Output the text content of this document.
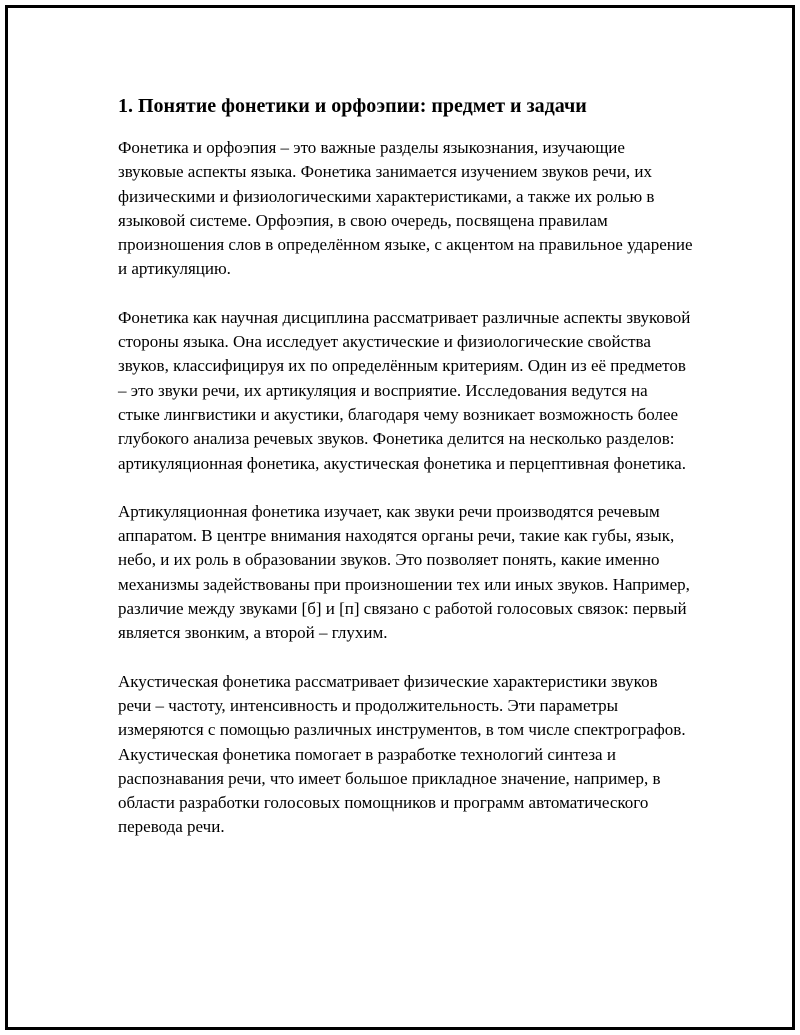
1. Понятие фонетики и орфоэпии: предмет и задачи

Фонетика и орфоэпия – это важные разделы языкознания, изучающие звуковые аспекты языка. Фонетика занимается изучением звуков речи, их физическими и физиологическими характеристиками, а также их ролью в языковой системе. Орфоэпия, в свою очередь, посвящена правилам произношения слов в определённом языке, с акцентом на правильное ударение и артикуляцию.

Фонетика как научная дисциплина рассматривает различные аспекты звуковой стороны языка. Она исследует акустические и физиологические свойства звуков, классифицируя их по определённым критериям. Один из её предметов – это звуки речи, их артикуляция и восприятие. Исследования ведутся на стыке лингвистики и акустики, благодаря чему возникает возможность более глубокого анализа речевых звуков. Фонетика делится на несколько разделов: артикуляционная фонетика, акустическая фонетика и перцептивная фонетика.

Артикуляционная фонетика изучает, как звуки речи производятся речевым аппаратом. В центре внимания находятся органы речи, такие как губы, язык, небо, и их роль в образовании звуков. Это позволяет понять, какие именно механизмы задействованы при произношении тех или иных звуков. Например, различие между звуками [б] и [п] связано с работой голосовых связок: первый является звонким, а второй – глухим.

Акустическая фонетика рассматривает физические характеристики звуков речи – частоту, интенсивность и продолжительность. Эти параметры измеряются с помощью различных инструментов, в том числе спектрографов. Акустическая фонетика помогает в разработке технологий синтеза и распознавания речи, что имеет большое прикладное значение, например, в области разработки голосовых помощников и программ автоматического перевода речи.
